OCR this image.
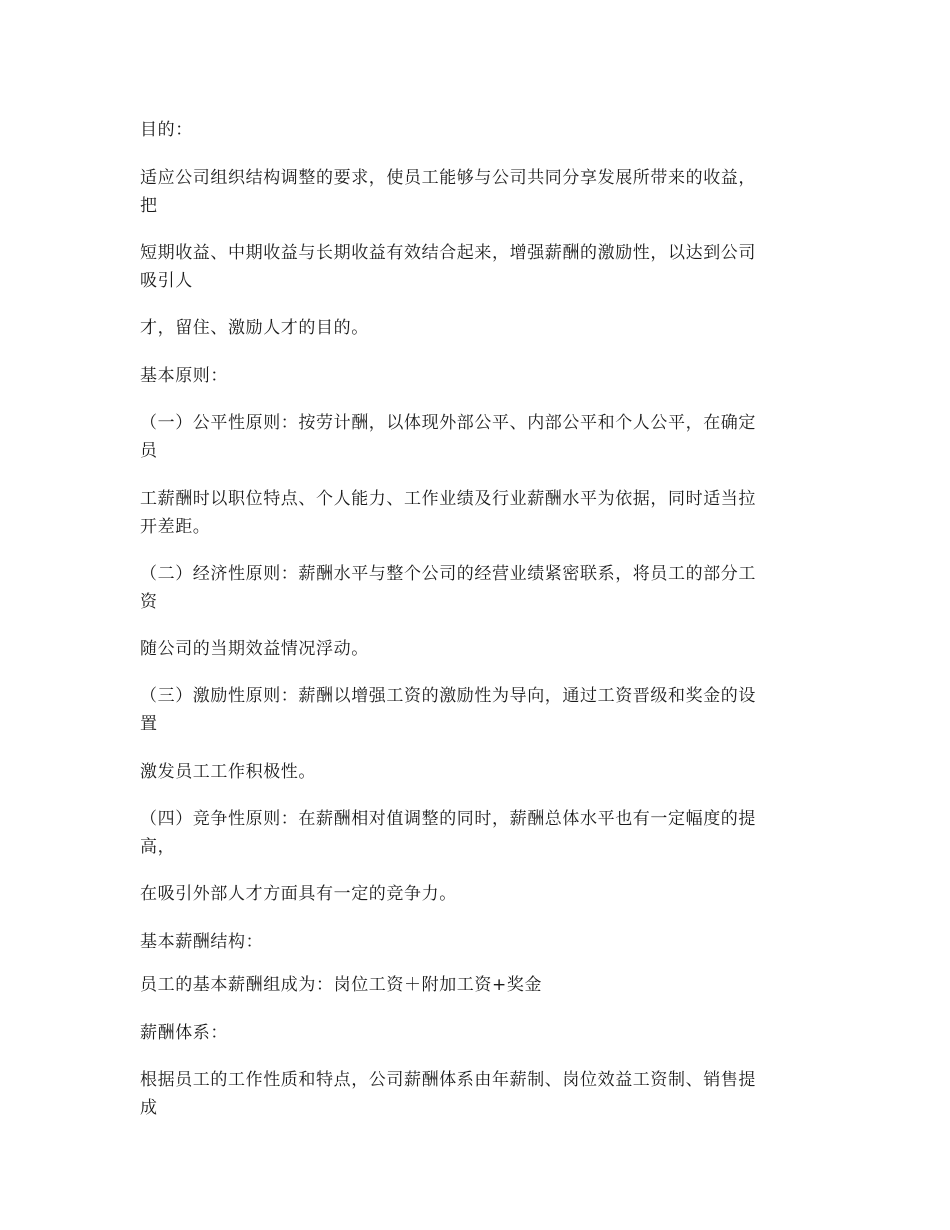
目的：
适应公司组织结构调整的要求，使员工能够与公司共同分享发展所带来的收益，
把
短期收益、中期收益与长期收益有效结合起来，增强薪酬的激励性，以达到公司
吸引人
才，留住、激励人才的目的。
基本原则：
（一）公平性原则：按劳计酬，以体现外部公平、内部公平和个人公平，在确定
员
工薪酬时以职位特点、个人能力、工作业绩及行业薪酬水平为依据，同时适当拉
开差距。
（二）经济性原则：薪酬水平与整个公司的经营业绩紧密联系，将员工的部分工
资
随公司的当期效益情况浮动。
（三）激励性原则：薪酬以增强工资的激励性为导向，通过工资晋级和奖金的设
置
激发员工工作积极性。
（四）竞争性原则：在薪酬相对值调整的同时，薪酬总体水平也有一定幅度的提
高，
在吸引外部人才方面具有一定的竞争力。
基本薪酬结构：
员工的基本薪酬组成为：岗位工资＋附加工资+奖金
薪酬体系：
根据员工的工作性质和特点，公司薪酬体系由年薪制、岗位效益工资制、销售提
成
